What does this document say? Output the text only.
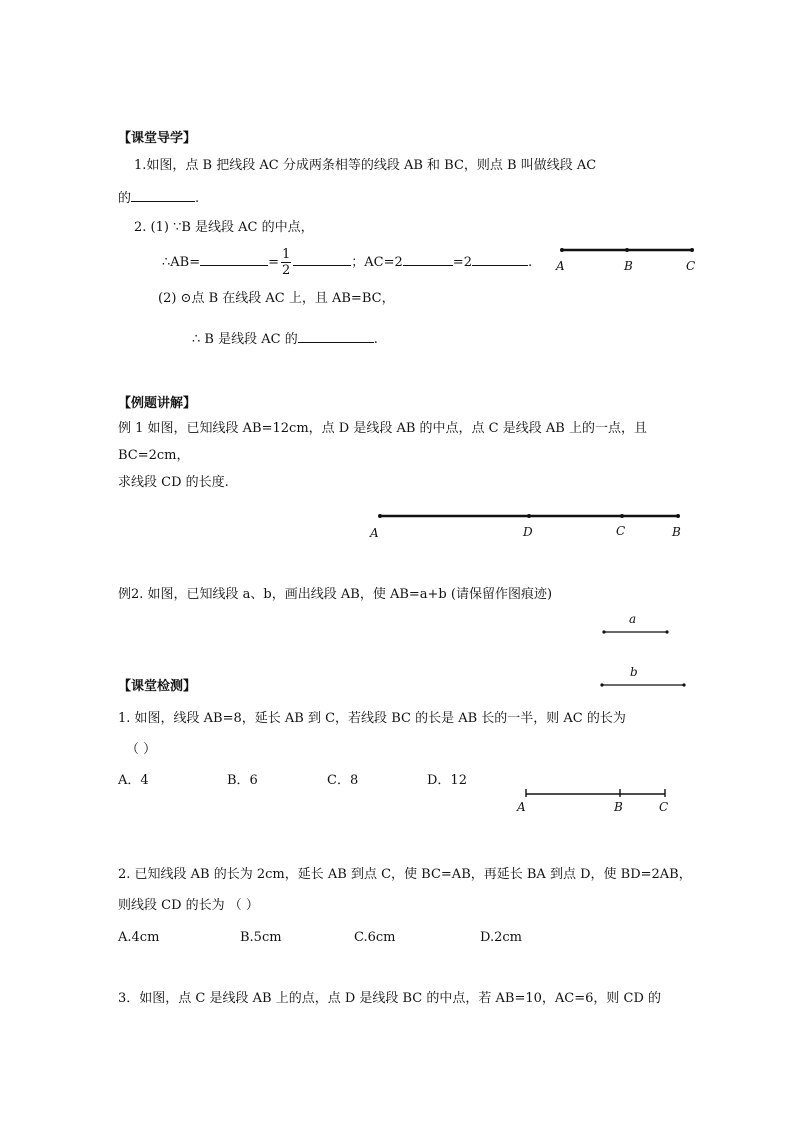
【课堂导学】
1.如图，点 B 把线段 AC 分成两条相等的线段 AB 和 BC，则点 B 叫做线段 AC
的	.
2. (1) ∵B 是线段 AC 的中点，
∴AB=	= $\frac{1}{2}$	；AC=2	=2	. A	B	C
(2) ⊙点 B 在线段 AC 上，且 AB=BC，
∴ B 是线段 AC 的	.
【例题讲解】
例 1 如图，已知线段 AB=12cm，点 D 是线段 AB 的中点，点 C 是线段 AB 上的一点，且
BC=2cm，
求线段 CD 的长度.
A	D	C	B
例2. 如图，已知线段 a、b，画出线段 AB，使 AB=a+b (请保留作图痕迹)
a
b
【课堂检测】
1. 如图，线段 AB=8，延长 AB 到 C，若线段 BC 的长是 AB 长的一半，则 AC 的长为
（ ）
A．4	B．6	C．8	D．12
A	B	C
2. 已知线段 AB 的长为 2cm，延长 AB 到点 C，使 BC=AB，再延长 BA 到点 D，使 BD=2AB，
则线段 CD 的长为 （ ）
A.4cm	B.5cm	C.6cm	D.2cm
3．如图，点 C 是线段 AB 上的点，点 D 是线段 BC 的中点，若 AB=10，AC=6，则 CD 的
